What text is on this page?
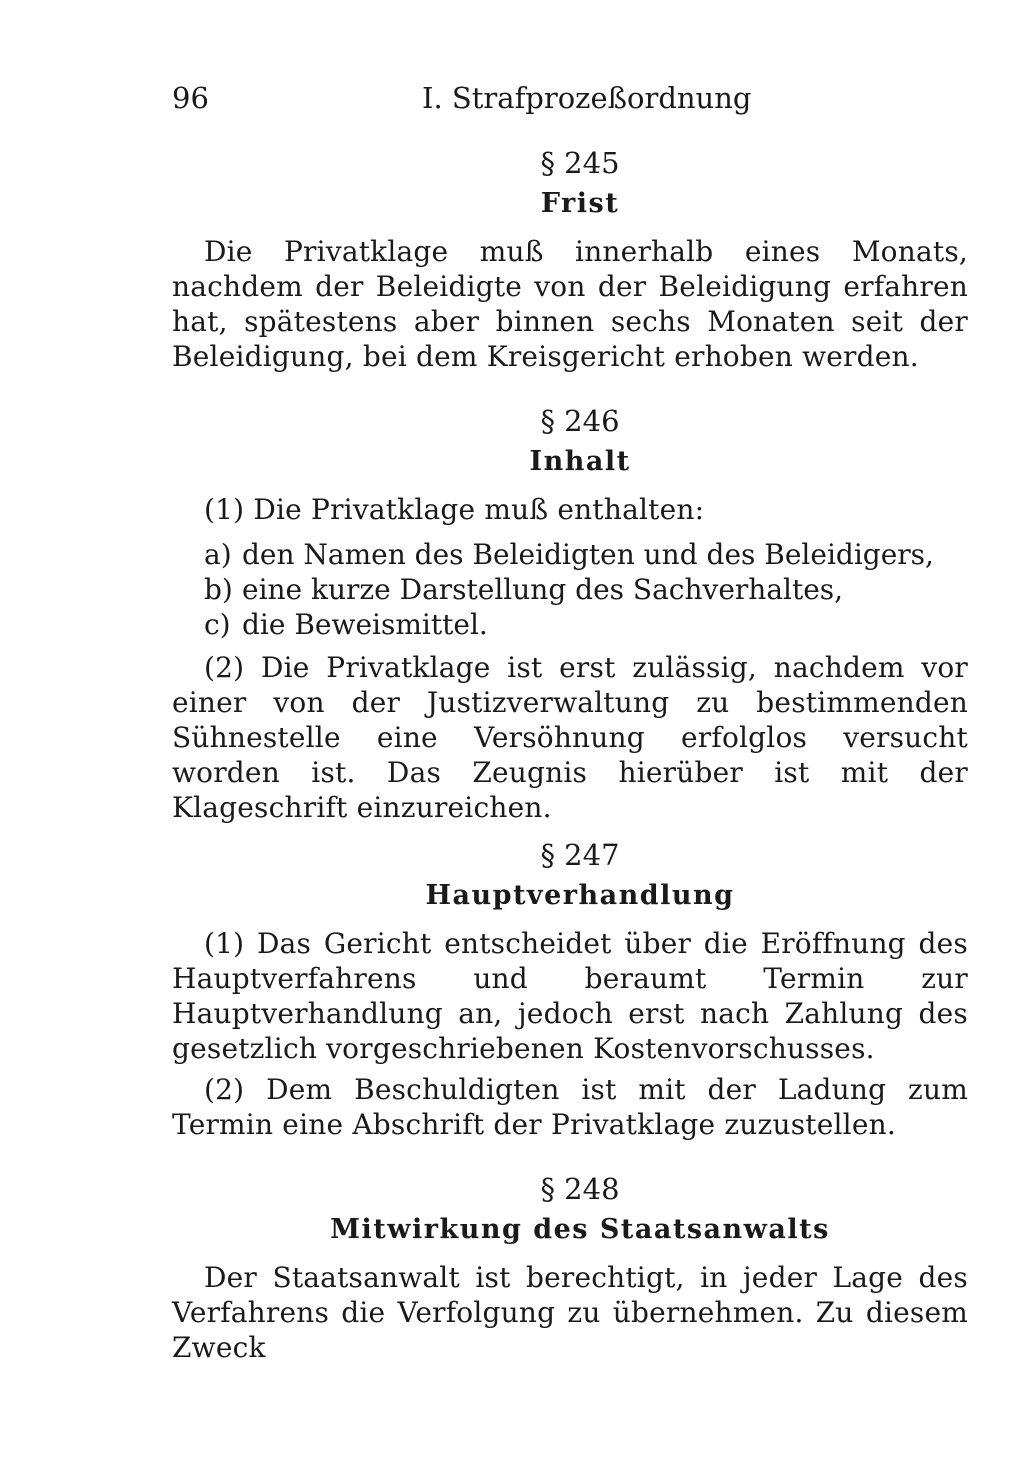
96	I. Strafprozeßordnung

§ 245

Frist

Die Privatklage muß innerhalb eines Monats, nachdem der Beleidigte von der Beleidigung erfahren hat, spätestens aber binnen sechs Monaten seit der Beleidigung, bei dem Kreisgericht erhoben werden.

§ 246

Inhalt

(1) Die Privatklage muß enthalten:

a) den Namen des Beleidigten und des Beleidigers,

b) eine kurze Darstellung des Sachverhaltes,

c) die Beweismittel.

(2) Die Privatklage ist erst zulässig, nachdem vor einer von der Justizverwaltung zu bestimmenden Sühnestelle eine Versöhnung erfolglos versucht worden ist. Das Zeugnis hierüber ist mit der Klageschrift einzureichen.

§ 247

Hauptverhandlung

(1) Das Gericht entscheidet über die Eröffnung des Hauptverfahrens und beraumt Termin zur Hauptverhandlung an, jedoch erst nach Zahlung des gesetzlich vorgeschriebenen Kostenvorschusses.

(2) Dem Beschuldigten ist mit der Ladung zum Termin eine Abschrift der Privatklage zuzustellen.

§ 248

Mitwirkung des Staatsanwalts

Der Staatsanwalt ist berechtigt, in jeder Lage des Verfahrens die Verfolgung zu übernehmen. Zu diesem Zweck
